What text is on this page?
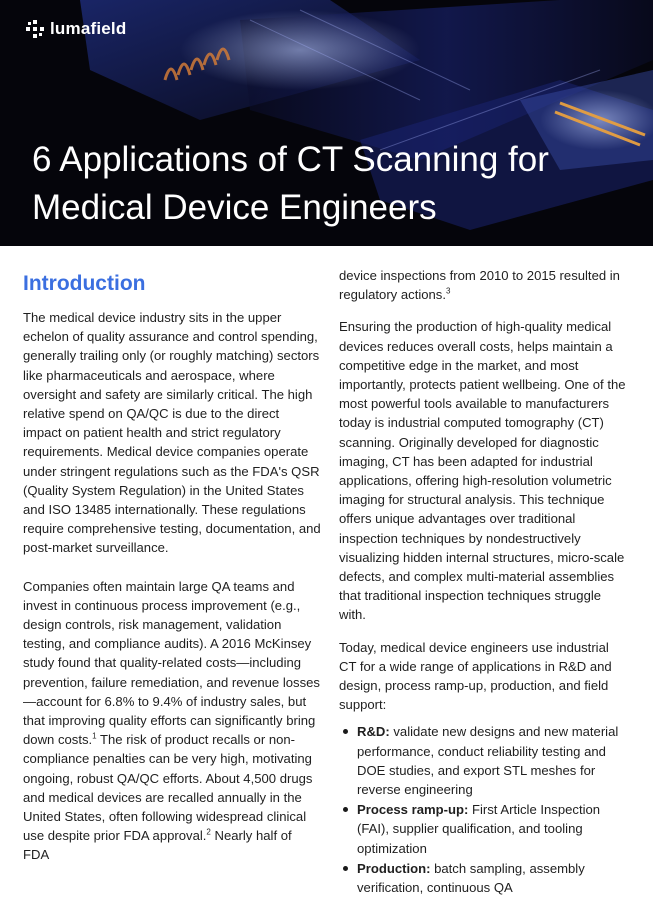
lumafield
6 Applications of CT Scanning for
Medical Device Engineers
Introduction

The medical device industry sits in the upper echelon of quality assurance and control spending, generally trailing only (or roughly matching) sectors like pharmaceuticals and aerospace, where oversight and safety are similarly critical. The high relative spend on QA/QC is due to the direct impact on patient health and strict regulatory requirements. Medical device companies operate under stringent regulations such as the FDA's QSR (Quality System Regulation) in the United States and ISO 13485 internationally. These regulations require comprehensive testing, documentation, and post-market surveillance.

Companies often maintain large QA teams and invest in continuous process improvement (e.g., design controls, risk management, validation testing, and compliance audits). A 2016 McKinsey study found that quality-related costs—including prevention, failure remediation, and revenue losses—account for 6.8% to 9.4% of industry sales, but that improving quality efforts can significantly bring down costs.$^1$ The risk of product recalls or non-compliance penalties can be very high, motivating ongoing, robust QA/QC efforts. About 4,500 drugs and medical devices are recalled annually in the United States, often following widespread clinical use despite prior FDA approval.$^2$ Nearly half of FDA

device inspections from 2010 to 2015 resulted in regulatory actions.$^3$

Ensuring the production of high-quality medical devices reduces overall costs, helps maintain a competitive edge in the market, and most importantly, protects patient wellbeing. One of the most powerful tools available to manufacturers today is industrial computed tomography (CT) scanning. Originally developed for diagnostic imaging, CT has been adapted for industrial applications, offering high-resolution volumetric imaging for structural analysis. This technique offers unique advantages over traditional inspection techniques by nondestructively visualizing hidden internal structures, micro-scale defects, and complex multi-material assemblies that traditional inspection techniques struggle with.

Today, medical device engineers use industrial CT for a wide range of applications in R&D and design, process ramp-up, production, and field support:

R&D: validate new designs and new material performance, conduct reliability testing and DOE studies, and export STL meshes for reverse engineering
Process ramp-up: First Article Inspection (FAI), supplier qualification, and tooling optimization
Production: batch sampling, assembly verification, continuous QA
